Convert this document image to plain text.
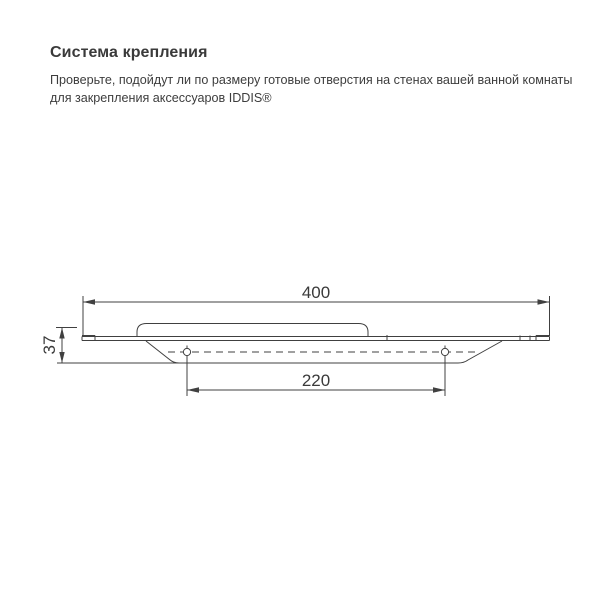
Система крепления

Проверьте, подойдут ли по размеру готовые отверстия на стенах вашей ванной комнаты

для закрепления аксессуаров IDDIS®

400
37
220
